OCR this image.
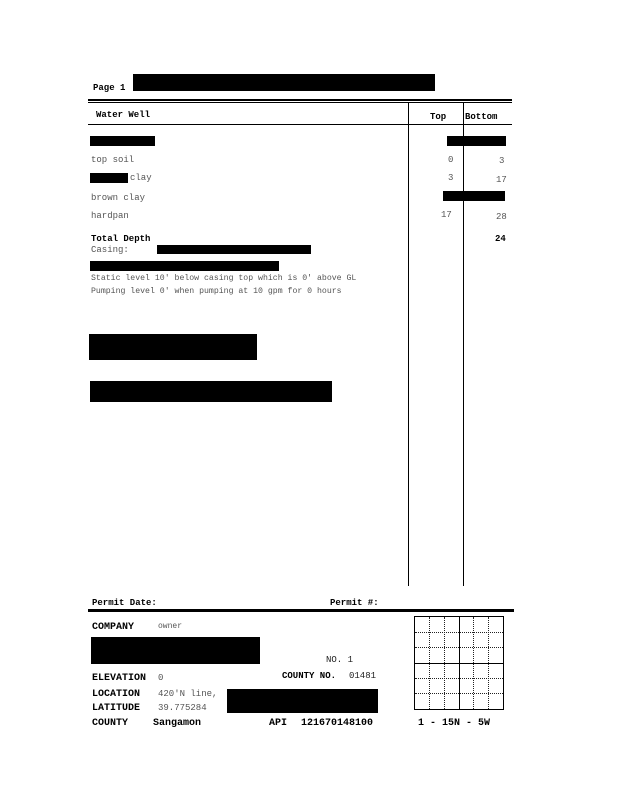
Page 1
Water Well	Top Bottom
top soil	0	3
clay	3	17
brown clay
hardpan	17	28
Total Depth	24
Casing:
Static level 10' below casing top which is 0' above GL
Pumping level 0' when pumping at 10 gpm for 0 hours
Permit Date:	Permit #:
COMPANY	owner
NO. 1
ELEVATION 0	COUNTY NO. 01481
LOCATION 420'N line,
LATITUDE 39.775284
COUNTY Sangamon	API 121670148100	1 - 15N - 5W
